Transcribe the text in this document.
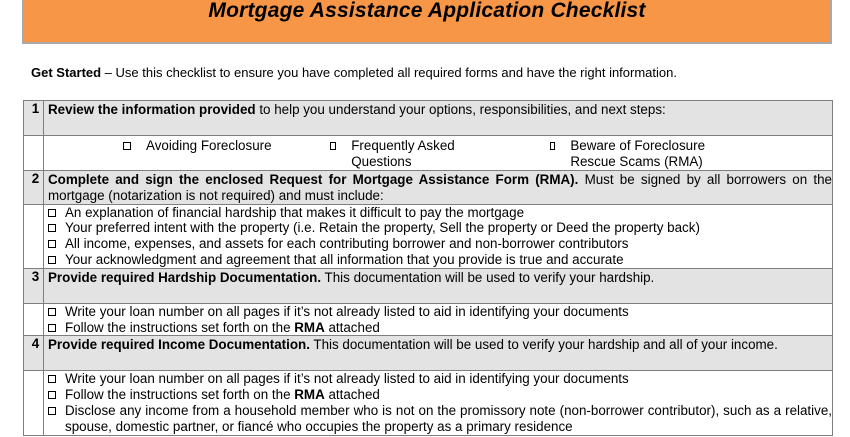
Mortgage Assistance Application Checklist
Get Started – Use this checklist to ensure you have completed all required forms and have the right information.
1	Review the information provided to help you understand your options, responsibilities, and next steps:

	Avoiding Foreclosure Frequently Asked Questions
Beware of Foreclosure Rescue Scams (RMA)

2	Complete and sign the enclosed Request for Mortgage Assistance Form (RMA). Must be signed by all borrowers on the mortgage (notarization is not required) and must include:

	An explanation of financial hardship that makes it difficult to pay the mortgage
Your preferred intent with the property (i.e. Retain the property, Sell the property or Deed the property back)
All income, expenses, and assets for each contributing borrower and non-borrower contributors
Your acknowledgment and agreement that all information that you provide is true and accurate

3	Provide required Hardship Documentation. This documentation will be used to verify your hardship.

	Write your loan number on all pages if it’s not already listed to aid in identifying your documents
Follow the instructions set forth on the RMA attached

4	Provide required Income Documentation. This documentation will be used to verify your hardship and all of your income.

	Write your loan number on all pages if it’s not already listed to aid in identifying your documents
Follow the instructions set forth on the RMA attached
Disclose any income from a household member who is not on the promissory note (non-borrower contributor), such as a relative, spouse, domestic partner, or fiancé who occupies the property as a primary residence
